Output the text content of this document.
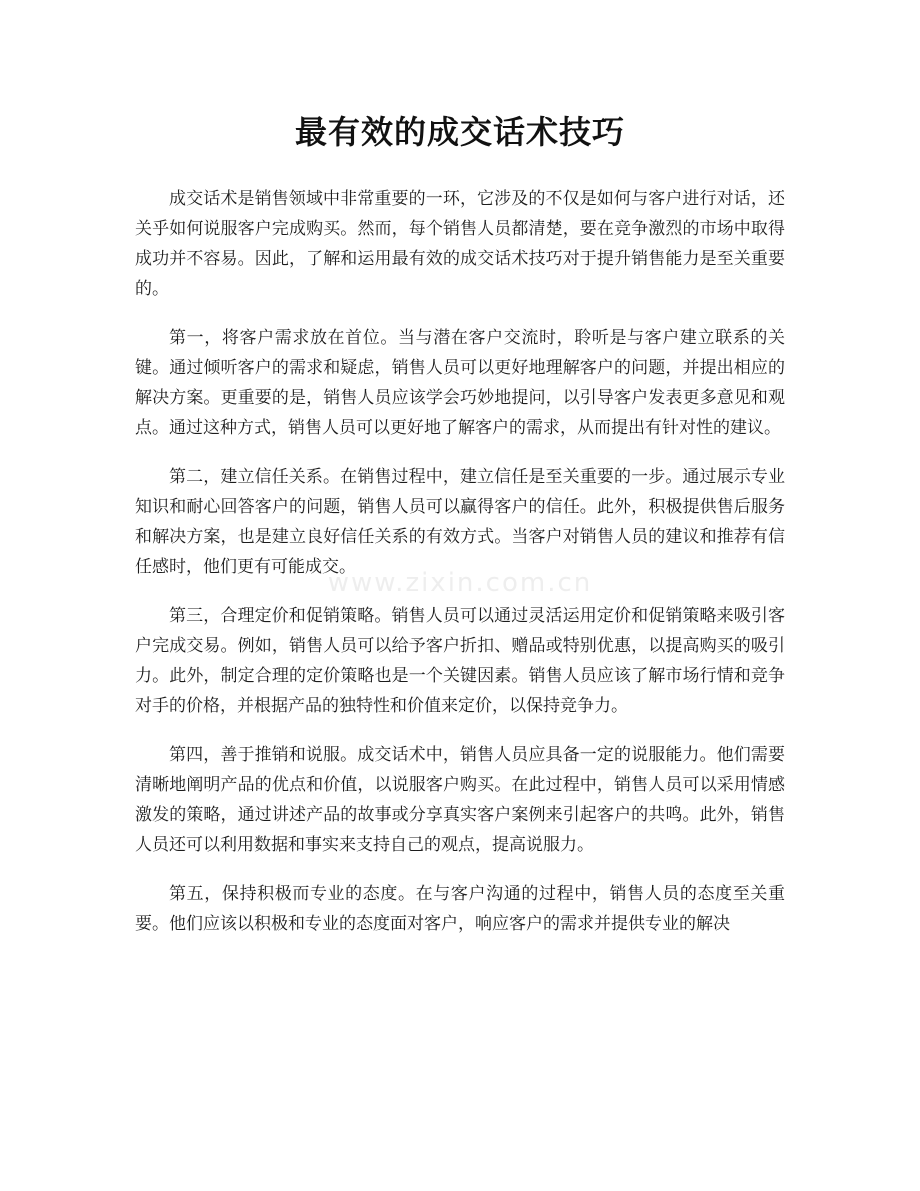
最有效的成交话术技巧
www.zixin.com.cn

成交话术是销售领域中非常重要的一环，它涉及的不仅是如何与客户进行对话，还关乎如何说服客户完成购买。然而，每个销售人员都清楚，要在竞争激烈的市场中取得成功并不容易。因此，了解和运用最有效的成交话术技巧对于提升销售能力是至关重要的。

第一，将客户需求放在首位。当与潜在客户交流时，聆听是与客户建立联系的关键。通过倾听客户的需求和疑虑，销售人员可以更好地理解客户的问题，并提出相应的解决方案。更重要的是，销售人员应该学会巧妙地提问，以引导客户发表更多意见和观点。通过这种方式，销售人员可以更好地了解客户的需求，从而提出有针对性的建议。

第二，建立信任关系。在销售过程中，建立信任是至关重要的一步。通过展示专业知识和耐心回答客户的问题，销售人员可以赢得客户的信任。此外，积极提供售后服务和解决方案，也是建立良好信任关系的有效方式。当客户对销售人员的建议和推荐有信任感时，他们更有可能成交。

第三，合理定价和促销策略。销售人员可以通过灵活运用定价和促销策略来吸引客户完成交易。例如，销售人员可以给予客户折扣、赠品或特别优惠，以提高购买的吸引力。此外，制定合理的定价策略也是一个关键因素。销售人员应该了解市场行情和竞争对手的价格，并根据产品的独特性和价值来定价，以保持竞争力。

第四，善于推销和说服。成交话术中，销售人员应具备一定的说服能力。他们需要清晰地阐明产品的优点和价值，以说服客户购买。在此过程中，销售人员可以采用情感激发的策略，通过讲述产品的故事或分享真实客户案例来引起客户的共鸣。此外，销售人员还可以利用数据和事实来支持自己的观点，提高说服力。

第五，保持积极而专业的态度。在与客户沟通的过程中，销售人员的态度至关重要。他们应该以积极和专业的态度面对客户，响应客户的需求并提供专业的解决
